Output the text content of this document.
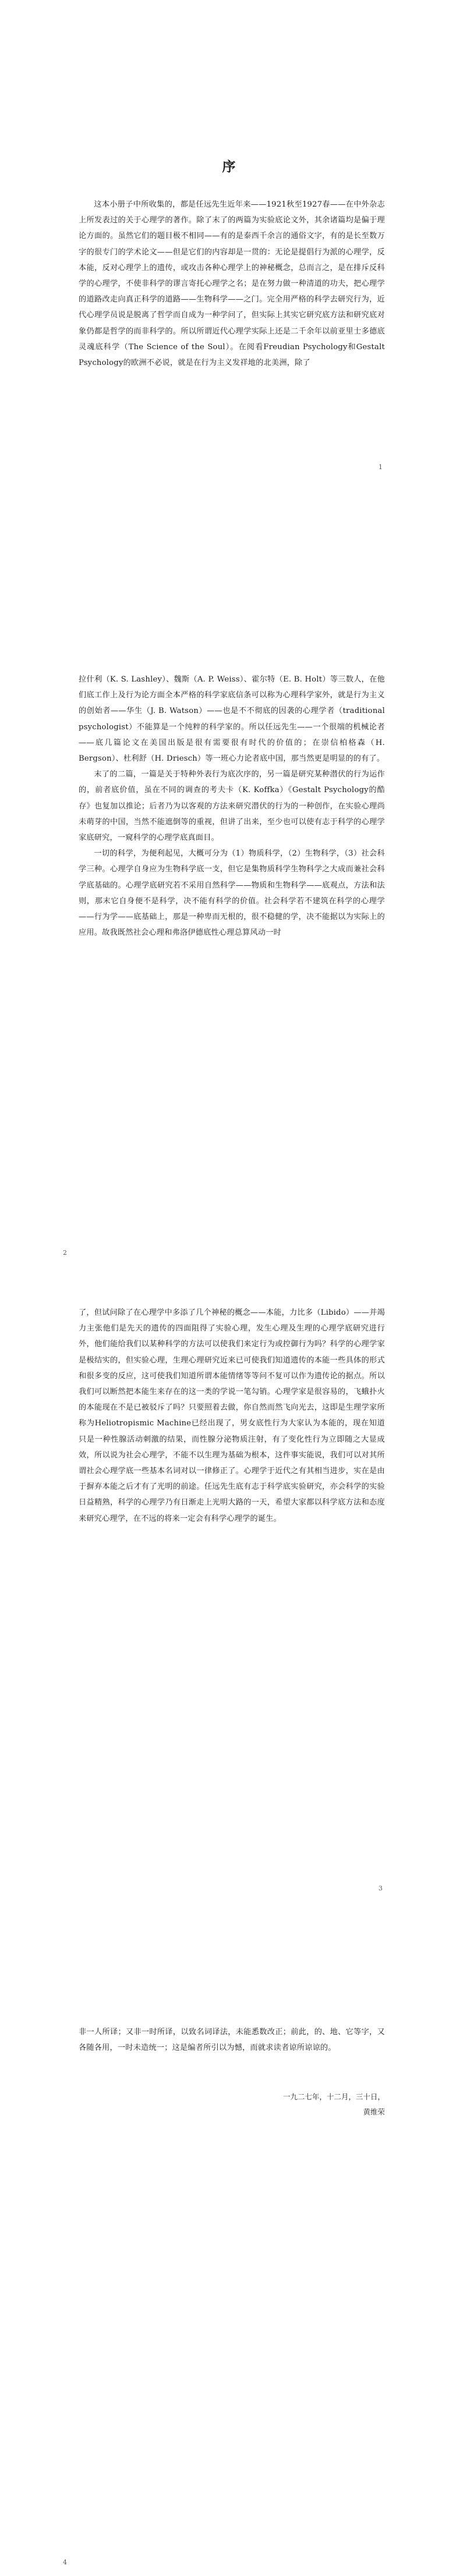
序

这本小册子中所收集的，都是任远先生近年来——1921秋至1927春——在中外杂志上所发表过的关于心理学的著作。除了末了的两篇为实验底论文外，其余诸篇均是偏于理论方面的。虽然它们的题目极不相同——有的是泰西千余言的通俗文字，有的是长至数万字的很专门的学术论文——但是它们的内容却是一贯的：无论是提倡行为派的心理学，反本能，反对心理学上的遗传，或攻击各种心理学上的神秘概念，总而言之，是在排斥反科学的心理学，不使非科学的谬言寄托心理学之名；是在努力做一种清道的功夫，把心理学的道路改走向真正科学的道路——生物科学——之门。完全用严格的科学去研究行为，近代心理学员说是脱离了哲学而自成为一种学问了，但实际上其实它研究底方法和研究底对象仍都是哲学的而非科学的。所以所谓近代心理学实际上还是二千余年以前亚里士多德底灵魂底科学（The Science of the Soul）。在阅看Freudian Psychology和Gestalt Psychology的欧洲不必说，就是在行为主义发祥地的北美洲，除了

1

拉什利（K. S. Lashley）、魏斯（A. P. Weiss）、霍尔特（E. B. Holt）等三数人，在他们底工作上及行为论方面全本严格的科学家底信条可以称为心理科学家外，就是行为主义的创始者——华生（J. B. Watson）——也是不不彻底的因袭的心理学者（traditional psychologist）不能算是一个纯粹的科学家的。所以任远先生——一个很端的机械论者——底几篇论文在美国出版是很有需要很有时代的价值的；在崇信柏格森（H. Bergson）、杜利舒（H. Driesch）等一班心力论者底中国，那当然更是明显的的有了。

末了的二篇，一篇是关于特种外表行为底次序的，另一篇是研究某种潜伏的行为运作的，前者底价值，虽在不同的调查的考夫卡（K. Koffka）《Gestalt Psychology的酷存》也复加以推论；后者乃为以客观的方法来研究潜伏的行为的一种创作，在实验心理尚未萌芽的中国，当然不能遮倒等的重视，但讲了出来，至少也可以使有志于科学的心理学家底研究，一窥科学的心理学底真面目。

一切的科学，为便利起见，大概可分为（1）物质科学，（2）生物科学，（3）社会科学三种。心理学自身应为生物科学底一支，但它是集物质科学生物科学之大成而兼社会科学底基础的。心理学底研究若不采用自然科学——物质和生物科学——底观点，方法和法则，那末它自身便不是科学，决不能有科学的价值。社会科学若不建筑在科学的心理学——行为学——底基础上，那是一种卑而无根的，很不稳健的学，决不能据以为实际上的应用。故我既然社会心理和弗洛伊德底性心理总算风动一时

2

了，但试问除了在心理学中多添了几个神秘的概念——本能，力比多（Libido）——并竭力主张他们是先天的遗传的四面阻得了实验心理，发生心理及生理的心理学底研究进行外，他们能给我们以某种科学的方法可以使我们来定行为或控御行为吗？科学的心理学家是极结实的，但实验心理，生理心理研究近来已可使我们知道遗传的本能一些具体的形式和很多变的反应，这可使我们知道所谓本能情绪等等问不复可以作为遗传论的据点。所以我们可以断然把本能生来存在的这一类的学说一笔勾销。心理学家是很容易的，飞蛾扑火的本能现在不是已被驳斥了吗？只要照着去做，你自然而然飞向光去，这即是生理学家所称为Heliotropismic Machine已经出现了，男女底性行为大家认为本能的，现在知道只是一种性腺活动刺激的结果，而性腺分泌物质注射，有了变化性行为立即随之大显成效，所以说为社会心理学，不能不以生理为基础为根本，这件事实能说，我们可以对其所谓社会心理学底一些基本名词对以一律修正了。心理学于近代之有其相当进步，实在是由于摒弃本能之后才有了光明的前途。任远先生底有志于科学底实验研究，亦会科学的实验日益精熟，科学的心理学乃有日渐走上光明大路的一天，希望大家都以科学底方法和态度来研究心理学，在不远的将来一定会有科学心理学的诞生。

3

非一人所译；又非一时所译，以致名词译法，未能悉数改正；前此，的、地、它等字，又各随各用，一时未造统一；这是编者所引以为憾，而就求读者谅所谅谅的。

一九二七年，十二月，三十日，
黄维荣
4
